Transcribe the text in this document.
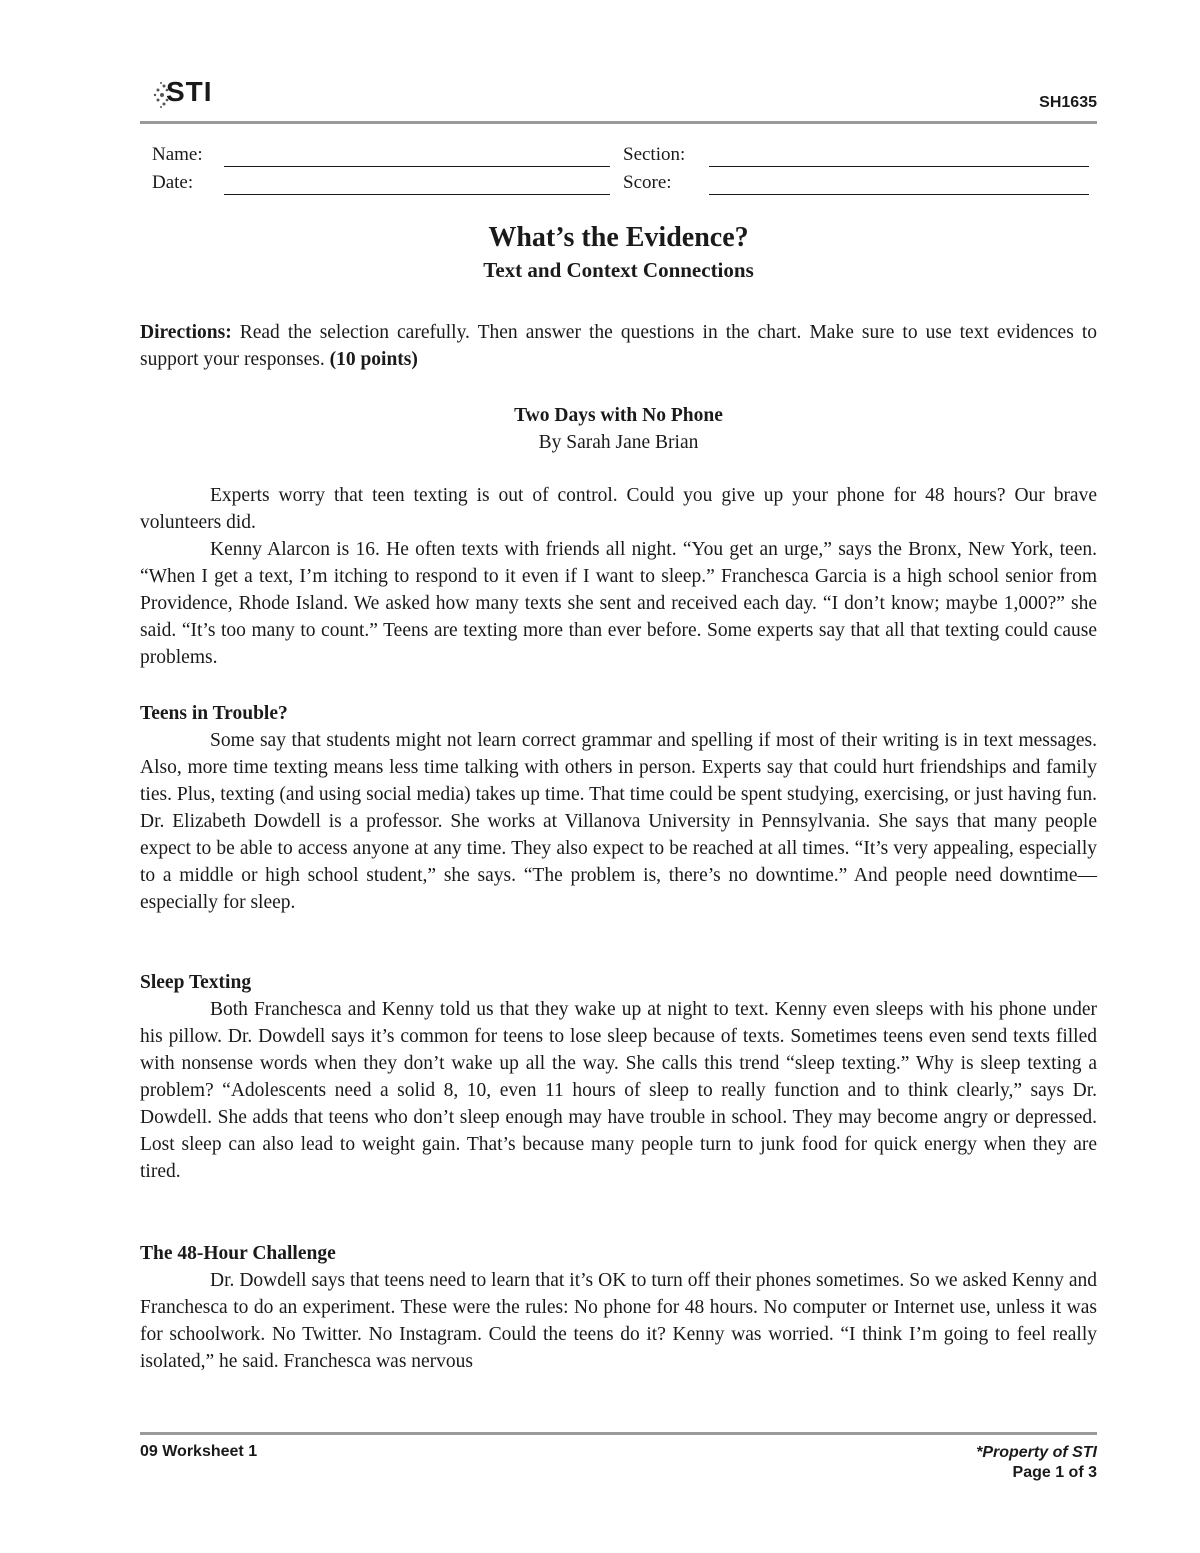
STI	SH1635
Name:	Section:
Date:	Score:
What’s the Evidence?
Text and Context Connections

Directions: Read the selection carefully. Then answer the questions in the chart. Make sure to use text evidences to support your responses. (10 points)

Two Days with No Phone

By Sarah Jane Brian

Experts worry that teen texting is out of control. Could you give up your phone for 48 hours? Our brave volunteers did.

Kenny Alarcon is 16. He often texts with friends all night. “You get an urge,” says the Bronx, New York, teen. “When I get a text, I’m itching to respond to it even if I want to sleep.” Franchesca Garcia is a high school senior from Providence, Rhode Island. We asked how many texts she sent and received each day. “I don’t know; maybe 1,000?” she said. “It’s too many to count.” Teens are texting more than ever before. Some experts say that all that texting could cause problems.

Teens in Trouble?

Some say that students might not learn correct grammar and spelling if most of their writing is in text messages. Also, more time texting means less time talking with others in person. Experts say that could hurt friendships and family ties. Plus, texting (and using social media) takes up time. That time could be spent studying, exercising, or just having fun. Dr. Elizabeth Dowdell is a professor. She works at Villanova University in Pennsylvania. She says that many people expect to be able to access anyone at any time. They also expect to be reached at all times. “It’s very appealing, especially to a middle or high school student,” she says. “The problem is, there’s no downtime.” And people need downtime— especially for sleep.

Sleep Texting

Both Franchesca and Kenny told us that they wake up at night to text. Kenny even sleeps with his phone under his pillow. Dr. Dowdell says it’s common for teens to lose sleep because of texts. Sometimes teens even send texts filled with nonsense words when they don’t wake up all the way. She calls this trend “sleep texting.” Why is sleep texting a problem? “Adolescents need a solid 8, 10, even 11 hours of sleep to really function and to think clearly,” says Dr. Dowdell. She adds that teens who don’t sleep enough may have trouble in school. They may become angry or depressed. Lost sleep can also lead to weight gain. That’s because many people turn to junk food for quick energy when they are tired.

The 48-Hour Challenge

Dr. Dowdell says that teens need to learn that it’s OK to turn off their phones sometimes. So we asked Kenny and Franchesca to do an experiment. These were the rules: No phone for 48 hours. No computer or Internet use, unless it was for schoolwork. No Twitter. No Instagram. Could the teens do it? Kenny was worried. “I think I’m going to feel really isolated,” he said. Franchesca was nervous

09 Worksheet 1	*Property of STI
Page 1 of 3
